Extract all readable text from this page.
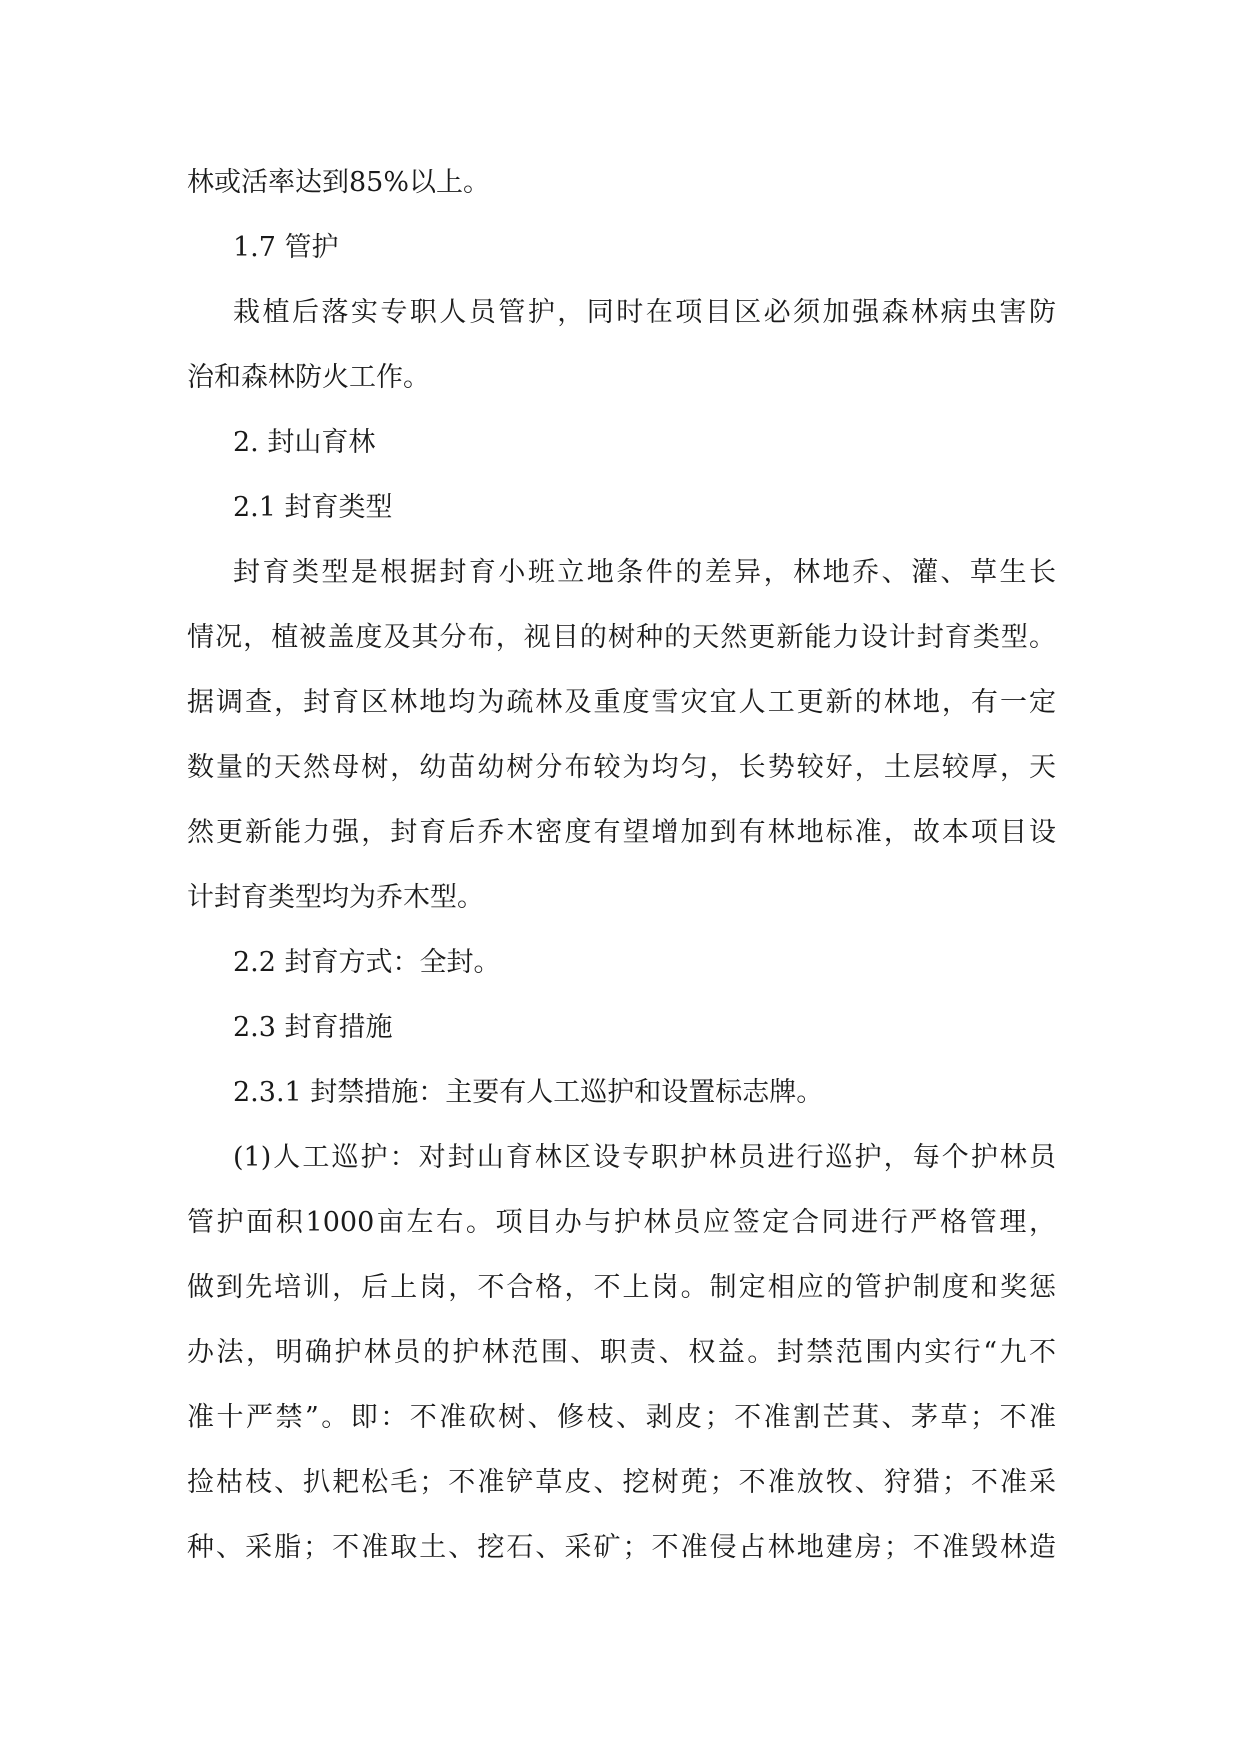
林或活率达到85%以上。
1.7 管护
栽植后落实专职人员管护，同时在项目区必须加强森林病虫害防
治和森林防火工作。
2. 封山育林
2.1 封育类型
封育类型是根据封育小班立地条件的差异，林地乔、灌、草生长
情况，植被盖度及其分布，视目的树种的天然更新能力设计封育类型。
据调查，封育区林地均为疏林及重度雪灾宜人工更新的林地，有一定
数量的天然母树，幼苗幼树分布较为均匀，长势较好，土层较厚，天
然更新能力强，封育后乔木密度有望增加到有林地标准，故本项目设
计封育类型均为乔木型。
2.2 封育方式：全封。
2.3 封育措施
2.3.1 封禁措施：主要有人工巡护和设置标志牌。
(1)人工巡护：对封山育林区设专职护林员进行巡护，每个护林员
管护面积1000亩左右。项目办与护林员应签定合同进行严格管理，
做到先培训，后上岗，不合格，不上岗。制定相应的管护制度和奖惩
办法，明确护林员的护林范围、职责、权益。封禁范围内实行“九不
准十严禁”。即：不准砍树、修枝、剥皮；不准割芒萁、茅草；不准
捡枯枝、扒耙松毛；不准铲草皮、挖树蔸；不准放牧、狩猎；不准采
种、采脂；不准取土、挖石、采矿；不准侵占林地建房；不准毁林造
